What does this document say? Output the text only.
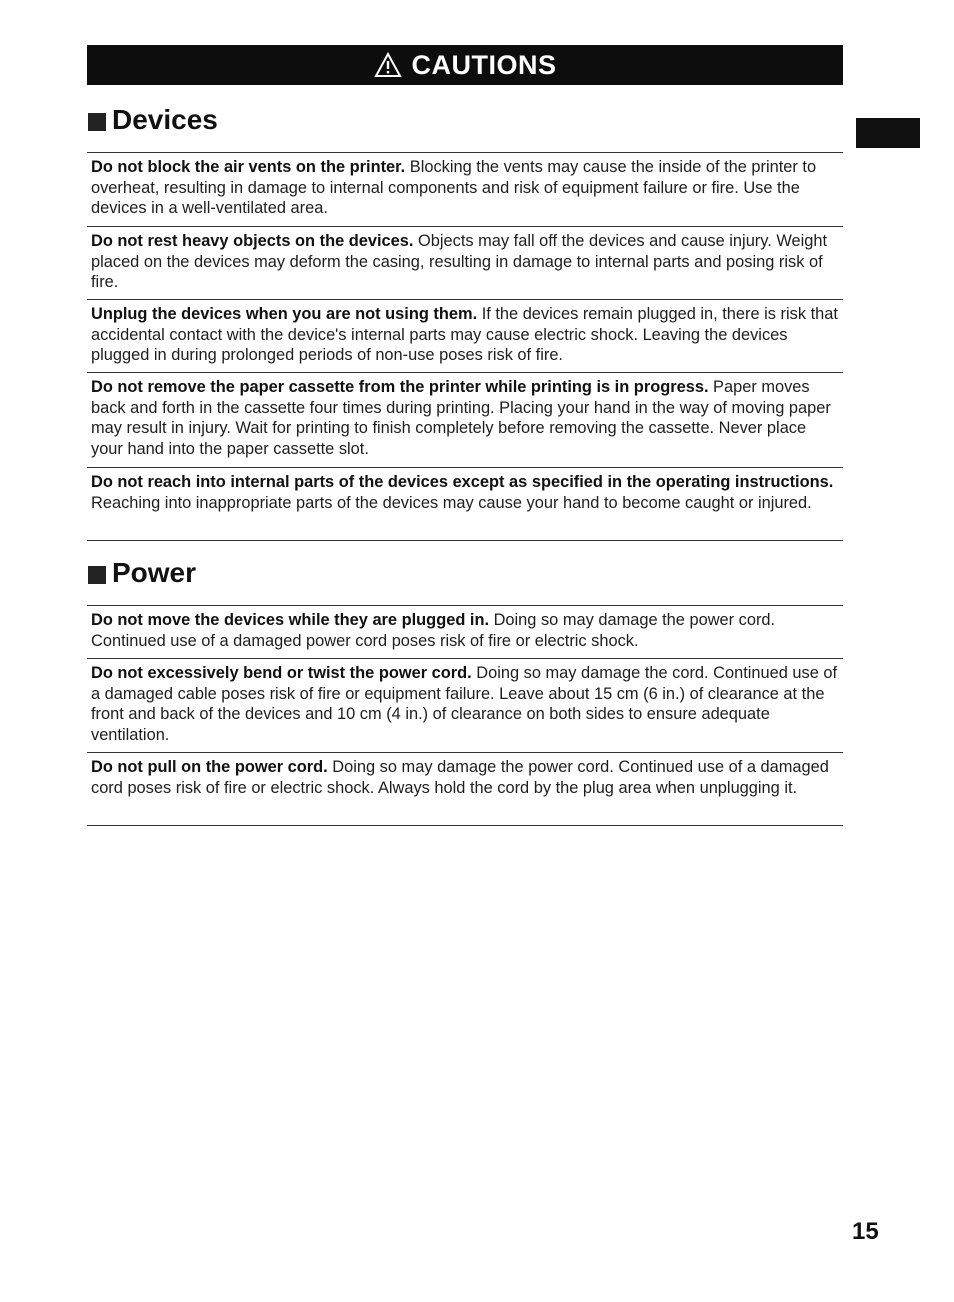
CAUTIONS
Devices
Do not block the air vents on the printer. Blocking the vents may cause the inside of the printer to overheat, resulting in damage to internal components and risk of equipment failure or fire. Use the devices in a well-ventilated area.
Do not rest heavy objects on the devices. Objects may fall off the devices and cause injury. Weight placed on the devices may deform the casing, resulting in damage to internal parts and posing risk of fire.
Unplug the devices when you are not using them. If the devices remain plugged in, there is risk that accidental contact with the device's internal parts may cause electric shock. Leaving the devices plugged in during prolonged periods of non-use poses risk of fire.
Do not remove the paper cassette from the printer while printing is in progress. Paper moves back and forth in the cassette four times during printing. Placing your hand in the way of moving paper may result in injury. Wait for printing to finish completely before removing the cassette. Never place your hand into the paper cassette slot.
Do not reach into internal parts of the devices except as specified in the operating instructions. Reaching into inappropriate parts of the devices may cause your hand to become caught or injured.
Power
Do not move the devices while they are plugged in. Doing so may damage the power cord. Continued use of a damaged power cord poses risk of fire or electric shock.
Do not excessively bend or twist the power cord. Doing so may damage the cord. Continued use of a damaged cable poses risk of fire or equipment failure. Leave about 15 cm (6 in.) of clearance at the front and back of the devices and 10 cm (4 in.) of clearance on both sides to ensure adequate ventilation.
Do not pull on the power cord. Doing so may damage the power cord. Continued use of a damaged cord poses risk of fire or electric shock. Always hold the cord by the plug area when unplugging it.
15
